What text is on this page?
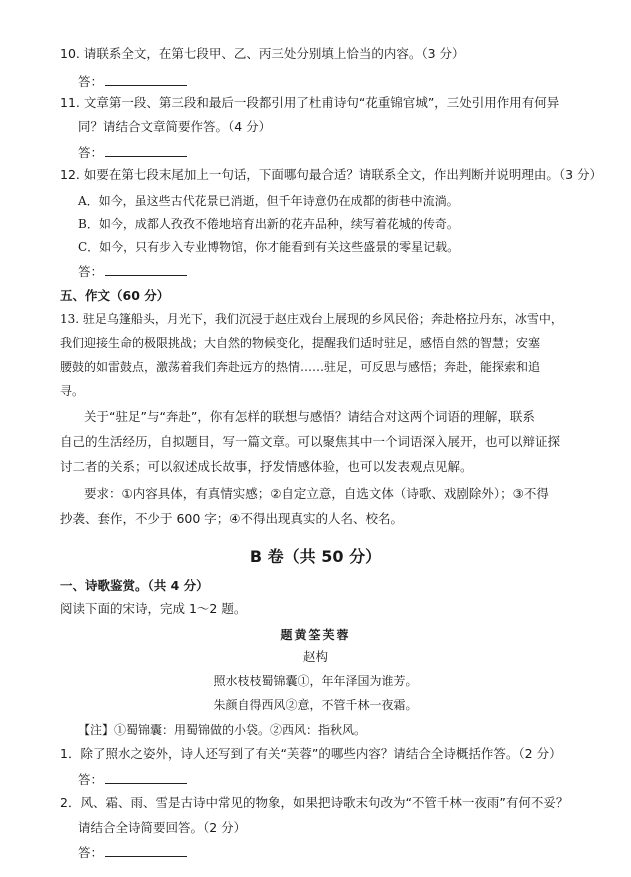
10. 请联系全文，在第七段甲、乙、丙三处分别填上恰当的内容。（3 分）
答：
11. 文章第一段、第三段和最后一段都引用了杜甫诗句“花重锦官城”，三处引用作用有何异
同？请结合文章简要作答。（4 分）
答：
12. 如要在第七段末尾加上一句话，下面哪句最合适？请联系全文，作出判断并说明理由。（3 分）
A．如今，虽这些古代花景已消逝，但千年诗意仍在成都的街巷中流淌。
B．如今，成都人孜孜不倦地培育出新的花卉品种，续写着花城的传奇。
C．如今，只有步入专业博物馆，你才能看到有关这些盛景的零星记载。
答：
五、作文（60 分）
13. 驻足乌篷船头，月光下，我们沉浸于赵庄戏台上展现的乡风民俗；奔赴格拉丹东，冰雪中，
我们迎接生命的极限挑战；大自然的物候变化，提醒我们适时驻足，感悟自然的智慧；安塞
腰鼓的如雷鼓点，激荡着我们奔赴远方的热情……驻足，可反思与感悟；奔赴，能探索和追
寻。
关于“驻足”与“奔赴”，你有怎样的联想与感悟？请结合对这两个词语的理解，联系
自己的生活经历，自拟题目，写一篇文章。可以聚焦其中一个词语深入展开，也可以辩证探
讨二者的关系；可以叙述成长故事，抒发情感体验，也可以发表观点见解。
要求：①内容具体，有真情实感；②自定立意，自选文体（诗歌、戏剧除外）；③不得
抄袭、套作，不少于 600 字；④不得出现真实的人名、校名。
B 卷（共 50 分）
一、诗歌鉴赏。（共 4 分）
阅读下面的宋诗，完成 1～2 题。
题黄筌芙蓉
赵构
照水枝枝蜀锦囊①，年年泽国为谁芳。
朱颜自得西风②意，不管千林一夜霜。
【注】①蜀锦囊：用蜀锦做的小袋。②西风：指秋风。
1．除了照水之姿外，诗人还写到了有关“芙蓉”的哪些内容？请结合全诗概括作答。（2 分）
答：
2．风、霜、雨、雪是古诗中常见的物象，如果把诗歌末句改为“不管千林一夜雨”有何不妥？
请结合全诗简要回答。（2 分）
答：
